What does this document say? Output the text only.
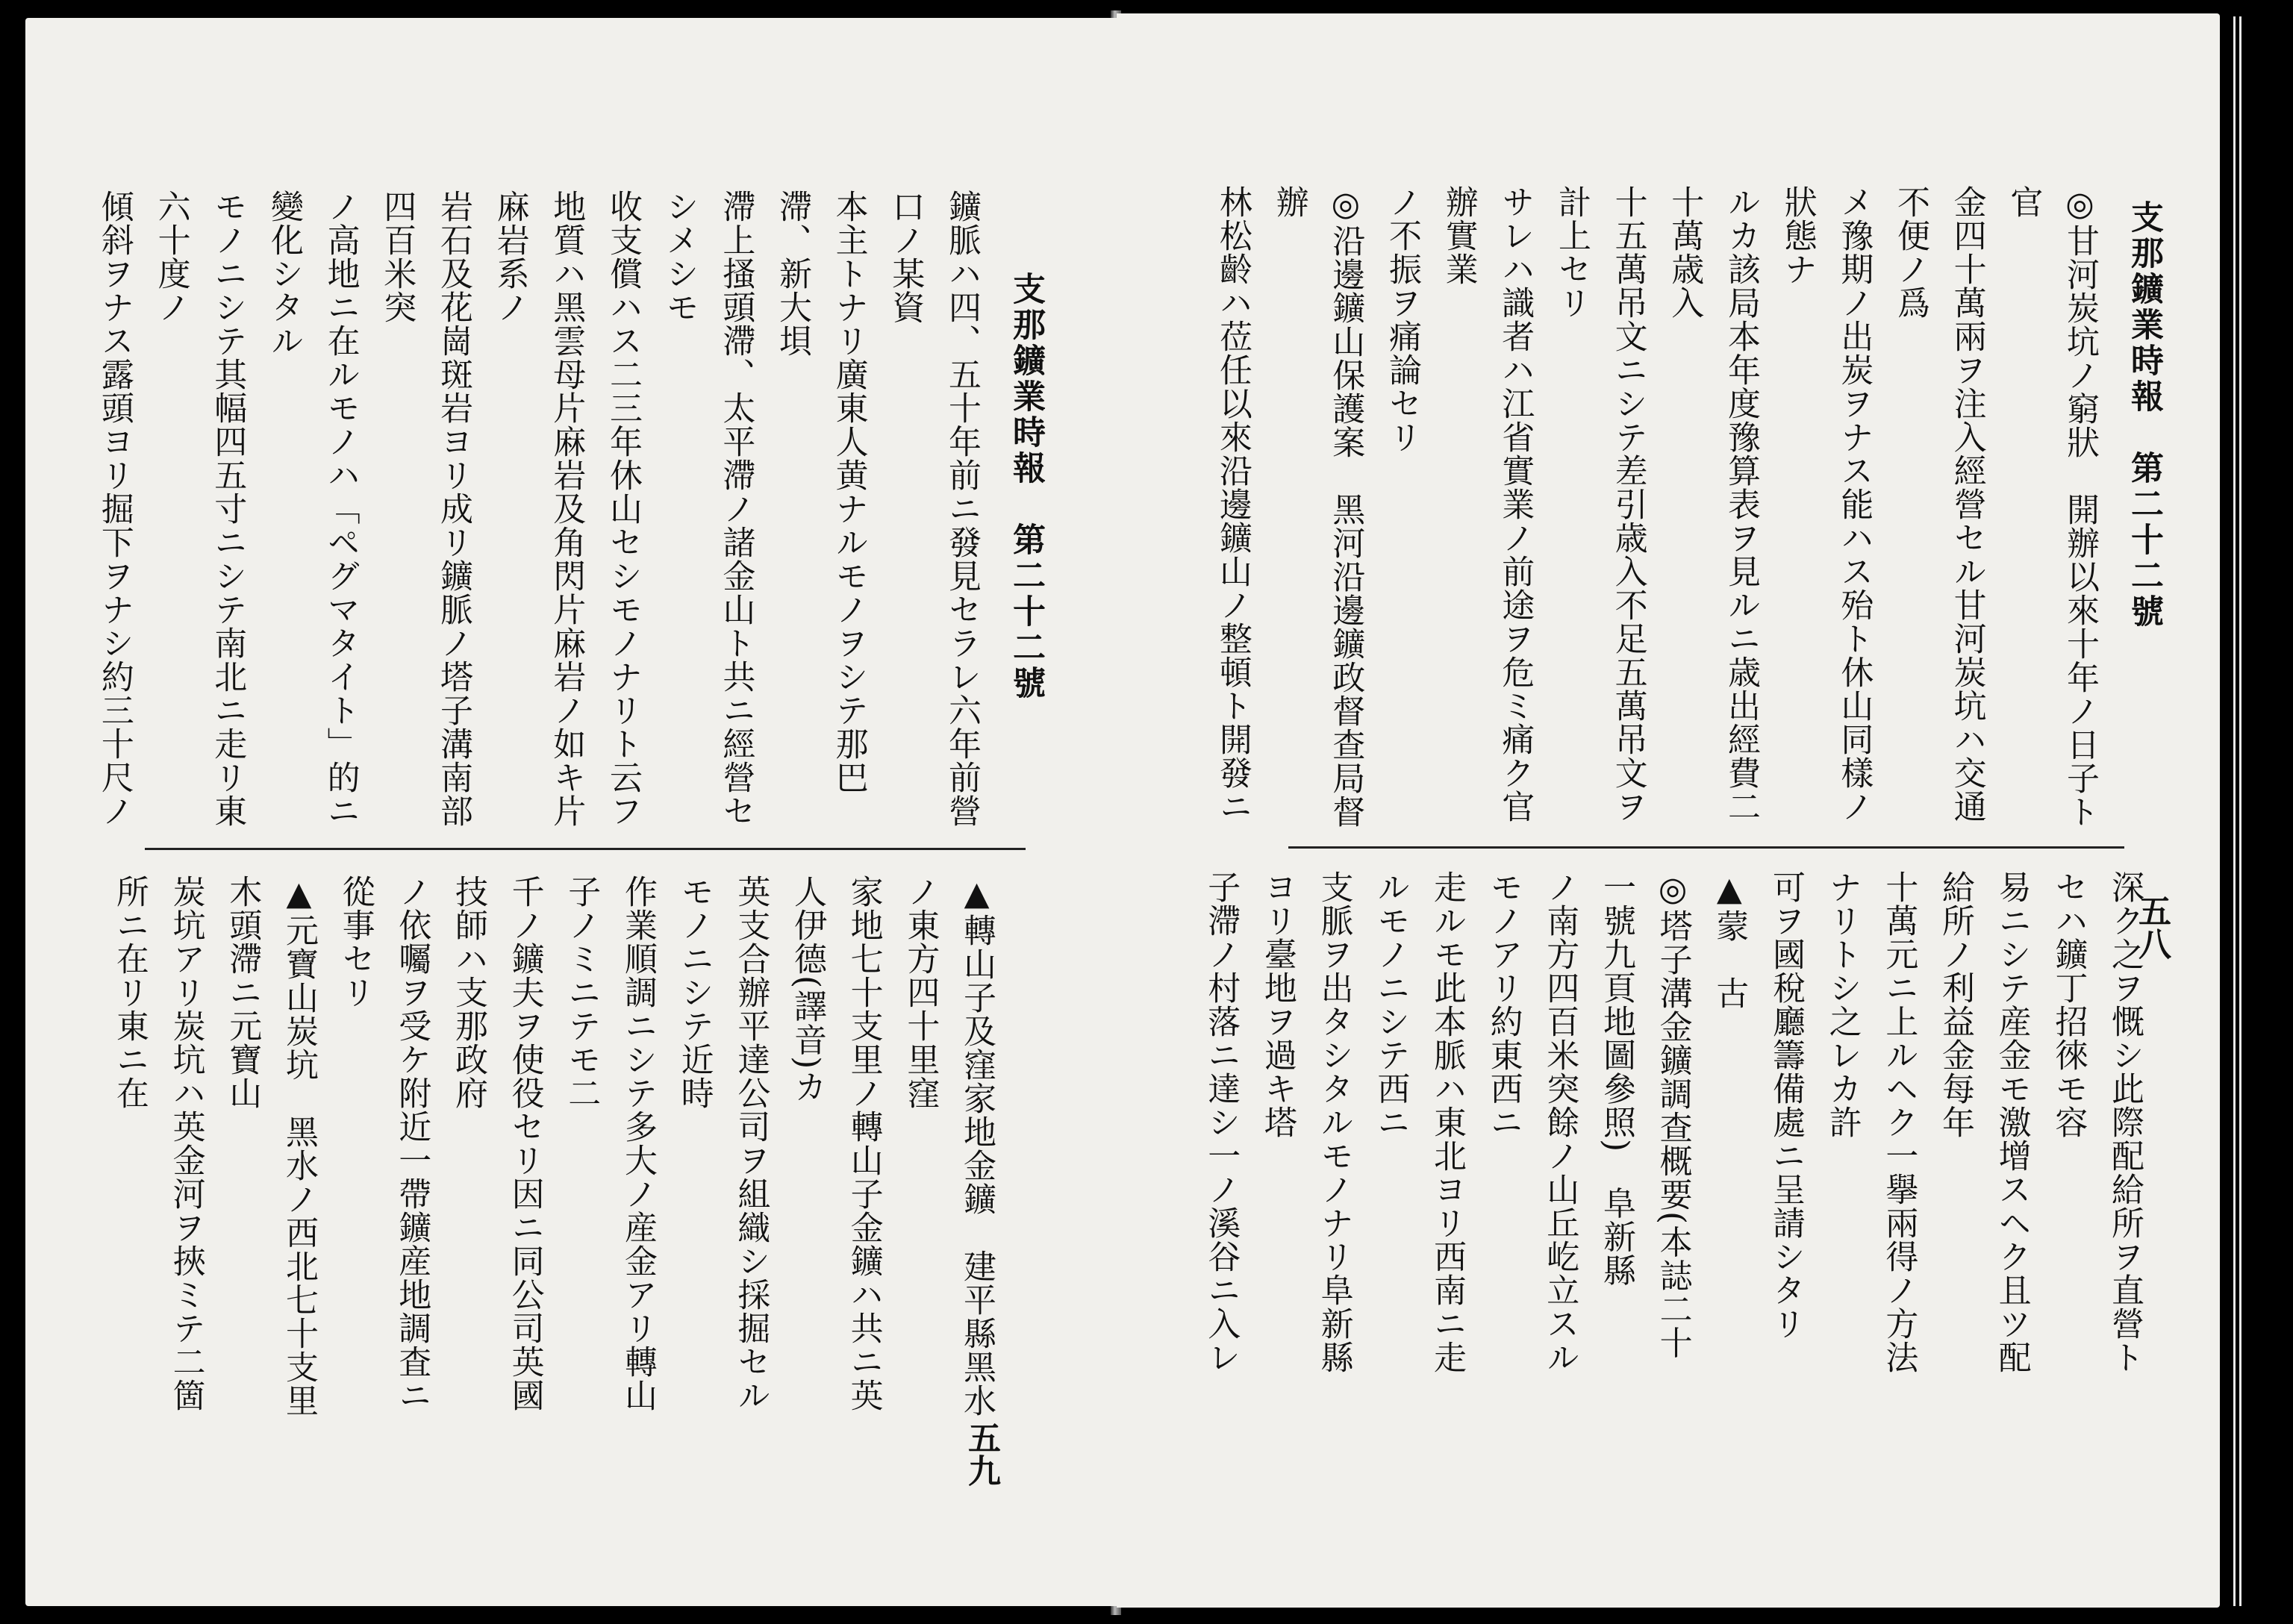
支那鑛業時報　第二十二號
鑛脈ハ四、五十年前ニ發見セラレ六年前營口ノ某資
本主トナリ廣東人黄ナルモノヲシテ那巴滯、新大垻
滯上搔頭滯、太平滯ノ諸金山ト共ニ經營セシメシモ
收支償ハス二三年休山セシモノナリト云フ
地質ハ黑雲母片麻岩及角閃片麻岩ノ如キ片麻岩系ノ
岩石及花崗斑岩ヨリ成リ鑛脈ノ塔子溝南部四百米突
ノ高地ニ在ルモノハ「ペグマタイト」的ニ變化シタル
モノニシテ其幅四五寸ニシテ南北ニ走リ東六十度ノ
傾斜ヲナス露頭ヨリ掘下ヲナシ約三十尺ノ
▲轉山子及窪家地金鑛　建平縣黑水ノ東方四十里窪
家地七十支里ノ轉山子金鑛ハ共ニ英人伊德(譯音)カ
英支合辦平達公司ヲ組織シ採掘セルモノニシテ近時
作業順調ニシテ多大ノ産金アリ轉山子ノミニテモ二
千ノ鑛夫ヲ使役セリ因ニ同公司英國技師ハ支那政府
ノ依囑ヲ受ケ附近一帶鑛産地調査ニ從事セリ
▲元寶山炭坑　黑水ノ西北七十支里木頭滯ニ元寶山
炭坑アリ炭坑ハ英金河ヲ挾ミテ二箇所ニ在リ東ニ在
五九
支那鑛業時報　第二十二號
◎甘河炭坑ノ窮狀　開辦以來十年ノ日子ト官
金四十萬兩ヲ注入經營セル甘河炭坑ハ交通不便ノ爲
メ豫期ノ出炭ヲナス能ハス殆ト休山同樣ノ狀態ナ
ルカ該局本年度豫算表ヲ見ルニ歳出經費二十萬歳入
十五萬吊文ニシテ差引歳入不足五萬吊文ヲ計上セリ
サレハ識者ハ江省實業ノ前途ヲ危ミ痛ク官辦實業
ノ不振ヲ痛論セリ
◎沿邊鑛山保護案　黑河沿邊鑛政督查局督辦
林松齡ハ莅任以來沿邊鑛山ノ整頓ト開發ニ
深ク之ヲ慨シ此際配給所ヲ直營トセハ鑛丁招徠モ容
易ニシテ産金モ激增スヘク且ツ配給所ノ利益金每年
十萬元ニ上ルヘク一擧兩得ノ方法ナリトシ之レカ許
可ヲ國稅廳籌備處ニ呈請シタリ
▲蒙　古
◎塔子溝金鑛調查概要(本誌二十一號九頁地圖參照)　阜新縣
ノ南方四百米突餘ノ山丘屹立スルモノアリ約東西ニ
走ルモ此本脈ハ東北ヨリ西南ニ走ルモノニシテ西ニ
支脈ヲ出タシタルモノナリ阜新縣ヨリ臺地ヲ過キ塔
子滯ノ村落ニ達シ一ノ溪谷ニ入レ
五八
